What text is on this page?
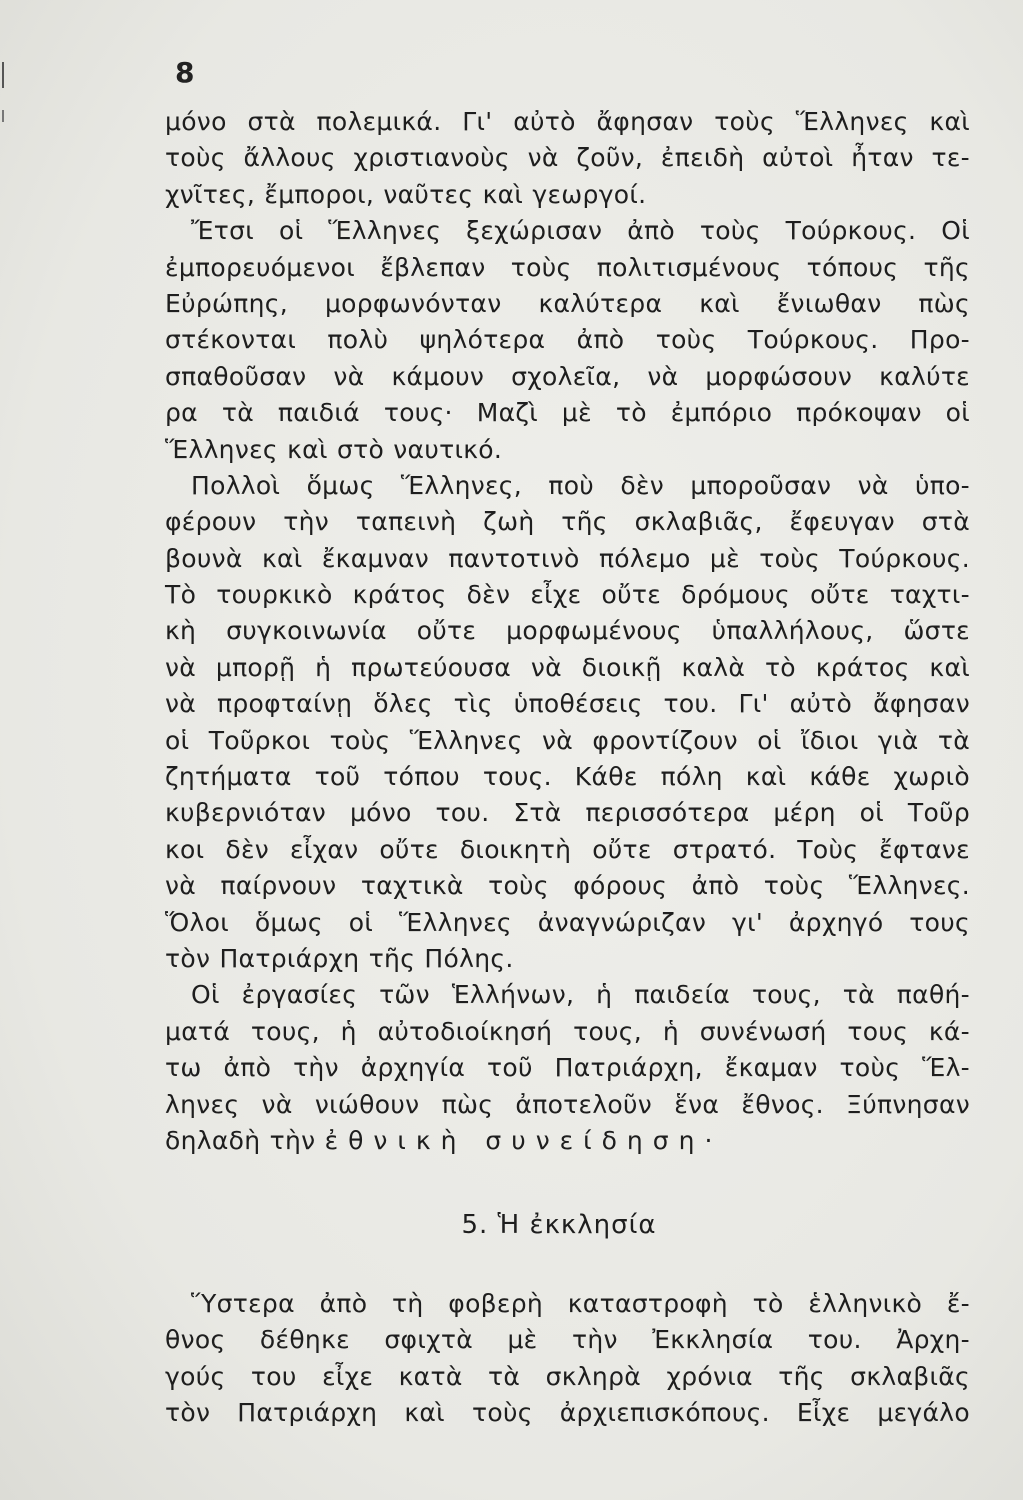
8
μόνο στὰ πολεμικά. Γι' αὐτὸ ἄφησαν τοὺς Ἕλληνες καὶ
τοὺς ἄλλους χριστιανοὺς νὰ ζοῦν, ἐπειδὴ αὐτοὶ ἦταν τε-
χνῖτες, ἔμποροι, ναῦτες καὶ γεωργοί.
Ἔτσι οἱ Ἕλληνες ξεχώρισαν ἀπὸ τοὺς Τούρκους. Οἱ
ἐμπορευόμενοι ἔβλεπαν τοὺς πολιτισμένους τόπους τῆς
Εὐρώπης, μορφωνόνταν καλύτερα καὶ ἔνιωθαν πὼς
στέκονται πολὺ ψηλότερα ἀπὸ τοὺς Τούρκους. Προ-
σπαθοῦσαν νὰ κάμουν σχολεῖα, νὰ μορφώσουν καλύτε
ρα τὰ παιδιά τους· Μαζὶ μὲ τὸ ἐμπόριο πρόκοψαν οἱ
Ἕλληνες καὶ στὸ ναυτικό.
Πολλοὶ ὅμως Ἕλληνες, ποὺ δὲν μποροῦσαν νὰ ὑπο-
φέρουν τὴν ταπεινὴ ζωὴ τῆς σκλαβιᾶς, ἔφευγαν στὰ
βουνὰ καὶ ἔκαμναν παντοτινὸ πόλεμο μὲ τοὺς Τούρκους.
Τὸ τουρκικὸ κράτος δὲν εἶχε οὔτε δρόμους οὔτε ταχτι-
κὴ συγκοινωνία οὔτε μορφωμένους ὑπαλλήλους, ὥστε
νὰ μπορῇ ἡ πρωτεύουσα νὰ διοικῇ καλὰ τὸ κράτος καὶ
νὰ προφταίνῃ ὅλες τὶς ὑποθέσεις του. Γι' αὐτὸ ἄφησαν
οἱ Τοῦρκοι τοὺς Ἕλληνες νὰ φροντίζουν οἱ ἴδιοι γιὰ τὰ
ζητήματα τοῦ τόπου τους. Κάθε πόλη καὶ κάθε χωριὸ
κυβερνιόταν μόνο του. Στὰ περισσότερα μέρη οἱ Τοῦρ
κοι δὲν εἶχαν οὔτε διοικητὴ οὔτε στρατό. Τοὺς ἔφτανε
νὰ παίρνουν ταχτικὰ τοὺς φόρους ἀπὸ τοὺς Ἕλληνες.
Ὅλοι ὅμως οἱ Ἕλληνες ἀναγνώριζαν γι' ἀρχηγό τους
τὸν Πατριάρχη τῆς Πόλης.
Οἱ ἐργασίες τῶν Ἑλλήνων, ἡ παιδεία τους, τὰ παθή-
ματά τους, ἡ αὐτοδιοίκησή τους, ἡ συνένωσή τους κά-
τω ἀπὸ τὴν ἀρχηγία τοῦ Πατριάρχη, ἔκαμαν τοὺς Ἕλ-
ληνες νὰ νιώθουν πὼς ἀποτελοῦν ἕνα ἔθνος. Ξύπνησαν
δηλαδὴ τὴν ἐθνικὴ συνείδηση·
5. Ἡ ἐκκλησία
Ὕστερα ἀπὸ τὴ φοβερὴ καταστροφὴ τὸ ἑλληνικὸ ἔ-
θνος δέθηκε σφιχτὰ μὲ τὴν Ἐκκλησία του. Ἀρχη-
γούς του εἶχε κατὰ τὰ σκληρὰ χρόνια τῆς σκλαβιᾶς
τὸν Πατριάρχη καὶ τοὺς ἀρχιεπισκόπους. Εἶχε μεγάλο
